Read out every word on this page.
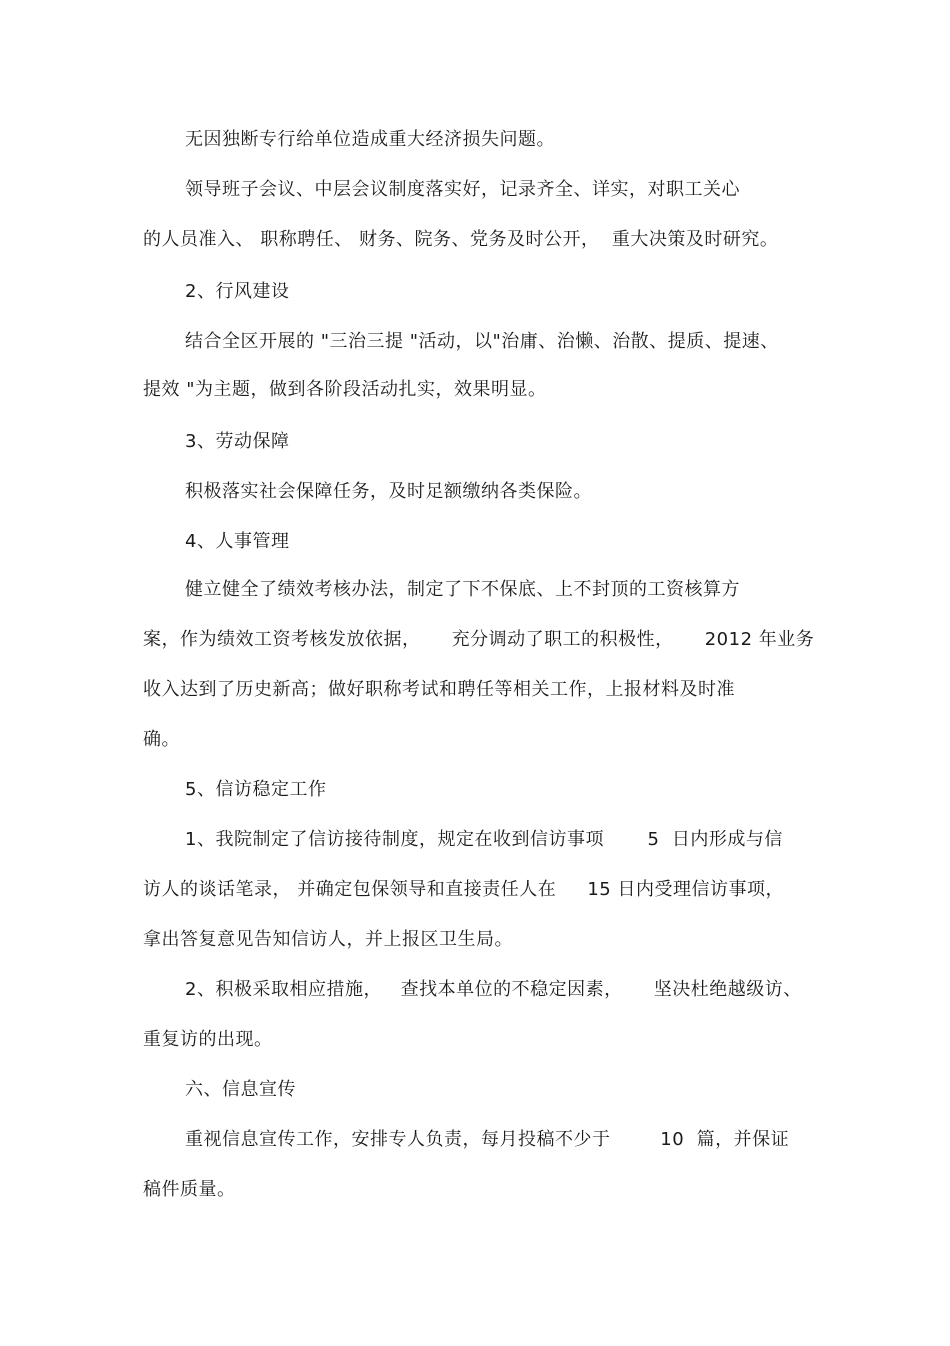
无因独断专行给单位造成重大经济损失问题。
领导班子会议、中层会议制度落实好，记录齐全、详实，对职工关心
的人员准入、 职称聘任、 财务、院务、党务及时公开，  重大决策及时研究。
2、行风建设
结合全区开展的 "三治三提 "活动，以"治庸、治懒、治散、提质、提速、
提效 "为主题，做到各阶段活动扎实，效果明显。
3、劳动保障
积极落实社会保障任务，及时足额缴纳各类保险。
4、人事管理
健立健全了绩效考核办法，制定了下不保底、上不封顶的工资核算方
案，作为绩效工资考核发放依据，     充分调动了职工的积极性，     2012 年业务
收入达到了历史新高；做好职称考试和聘任等相关工作，上报材料及时准
确。
5、信访稳定工作
1、我院制定了信访接待制度，规定在收到信访事项       5  日内形成与信
访人的谈话笔录， 并确定包保领导和直接责任人在     15 日内受理信访事项，
拿出答复意见告知信访人，并上报区卫生局。
2、积极采取相应措施，   查找本单位的不稳定因素，     坚决杜绝越级访、
重复访的出现。
六、信息宣传
重视信息宣传工作，安排专人负责，每月投稿不少于        10  篇，并保证
稿件质量。
